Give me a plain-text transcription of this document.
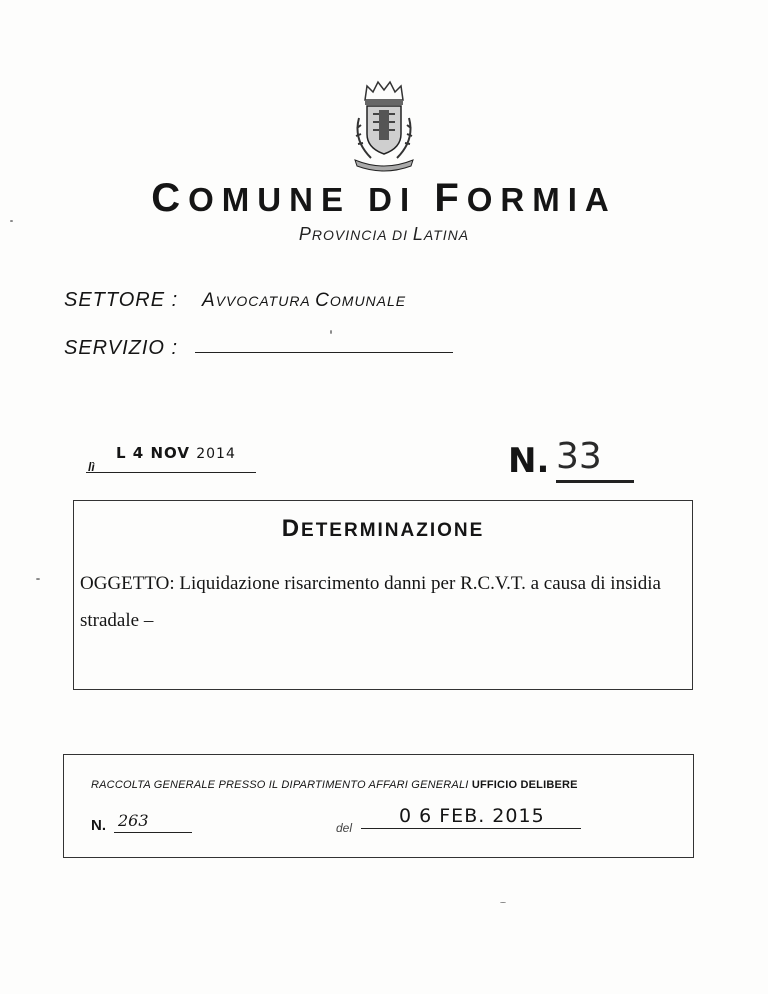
COMUNE DI FORMIA
PROVINCIA DI LATINA
SETTORE : AVVOCATURA COMUNALE
SERVIZIO :
lì
L 4 NOV 2014	N. 33
DETERMINAZIONE
OGGETTO: Liquidazione risarcimento danni per R.C.V.T. a causa di insidia stradale –
RACCOLTA GENERALE PRESSO IL DIPARTIMENTO AFFARI GENERALI UFFICIO DELIBERE
N. 263	del
0 6 FEB. 2015
